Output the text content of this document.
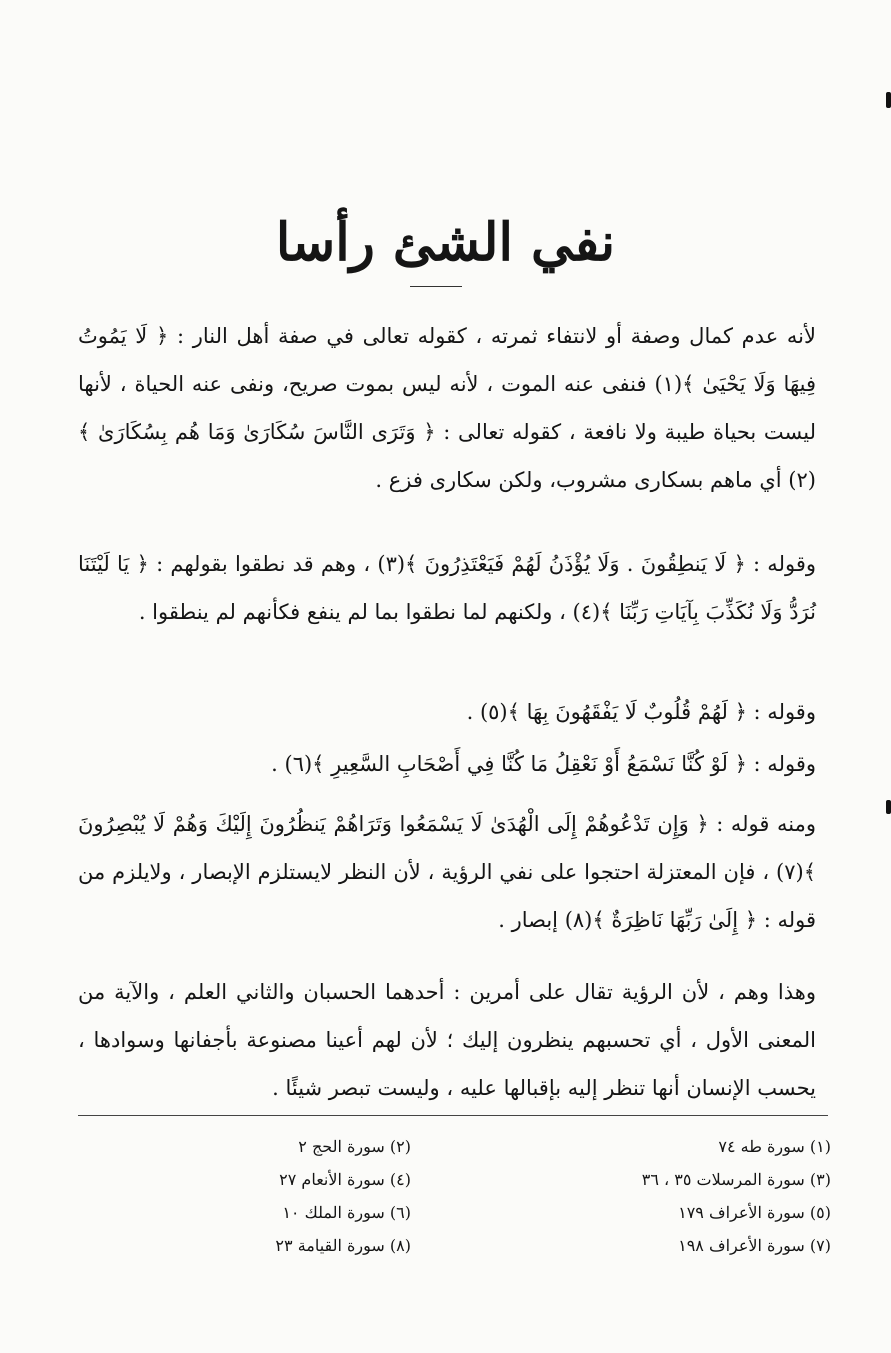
نفي الشئ رأسا

لأنه عدم كمال وصفة أو لانتفاء ثمرته ، كقوله تعالى في صفة أهل النار : ﴿ لَا يَمُوتُ فِيهَا وَلَا يَحْيَىٰ ﴾(١) فنفى عنه الموت ، لأنه ليس بموت صريح، ونفى عنه الحياة ، لأنها ليست بحياة طيبة ولا نافعة ، كقوله تعالى : ﴿ وَتَرَى النَّاسَ سُكَارَىٰ وَمَا هُم بِسُكَارَىٰ ﴾(٢) أي ماهم بسكارى مشروب، ولكن سكارى فزع .

وقوله : ﴿ لَا يَنطِقُونَ . وَلَا يُؤْذَنُ لَهُمْ فَيَعْتَذِرُونَ ﴾(٣) ، وهم قد نطقوا بقولهم : ﴿ يَا لَيْتَنَا نُرَدُّ وَلَا نُكَذِّبَ بِآيَاتِ رَبِّنَا ﴾(٤) ، ولكنهم لما نطقوا بما لم ينفع فكأنهم لم ينطقوا .

وقوله : ﴿ لَهُمْ قُلُوبٌ لَا يَفْقَهُونَ بِهَا ﴾(٥) .

وقوله : ﴿ لَوْ كُنَّا نَسْمَعُ أَوْ نَعْقِلُ مَا كُنَّا فِي أَصْحَابِ السَّعِيرِ ﴾(٦) .

ومنه قوله : ﴿ وَإِن تَدْعُوهُمْ إِلَى الْهُدَىٰ لَا يَسْمَعُوا وَتَرَاهُمْ يَنظُرُونَ إِلَيْكَ وَهُمْ لَا يُبْصِرُونَ ﴾(٧) ، فإن المعتزلة احتجوا على نفي الرؤية ، لأن النظر لايستلزم الإبصار ، ولايلزم من قوله : ﴿ إِلَىٰ رَبِّهَا نَاظِرَةٌ ﴾(٨) إبصار .

وهذا وهم ، لأن الرؤية تقال على أمرين : أحدهما الحسبان والثاني العلم ، والآية من المعنى الأول ، أي تحسبهم ينظرون إليك ؛ لأن لهم أعينا مصنوعة بأجفانها وسوادها ، يحسب الإنسان أنها تنظر إليه بإقبالها عليه ، وليست تبصر شيئًا .

(١) سورة طه ٧٤
(٣) سورة المرسلات ٣٥ ، ٣٦
(٥) سورة الأعراف ١٧٩
(٧) سورة الأعراف ١٩٨
(٢) سورة الحج ٢
(٤) سورة الأنعام ٢٧
(٦) سورة الملك ١٠
(٨) سورة القيامة ٢٣
